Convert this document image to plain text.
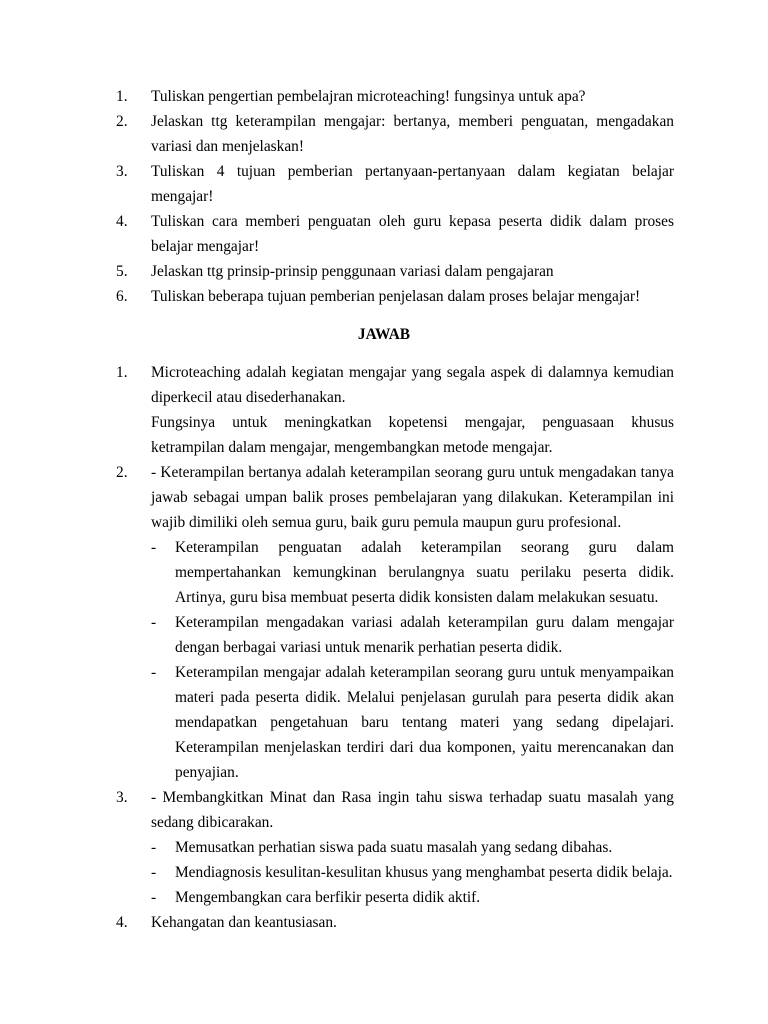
1.	Tuliskan pengertian pembelajran microteaching! fungsinya untuk apa?
2.	Jelaskan ttg keterampilan mengajar: bertanya, memberi penguatan, mengadakan
variasi dan menjelaskan!
3.	Tuliskan 4 tujuan pemberian pertanyaan-pertanyaan dalam kegiatan belajar
mengajar!
4.	Tuliskan cara memberi penguatan oleh guru kepasa peserta didik dalam proses
belajar mengajar!
5.	Jelaskan ttg prinsip-prinsip penggunaan variasi dalam pengajaran
6.	Tuliskan beberapa tujuan pemberian penjelasan dalam proses belajar mengajar!
JAWAB
1.	Microteaching adalah kegiatan mengajar yang segala aspek di dalamnya kemudian
diperkecil atau disederhanakan.
Fungsinya untuk meningkatkan kopetensi mengajar, penguasaan khusus
ketrampilan dalam mengajar, mengembangkan metode mengajar.
2.	- Keterampilan bertanya adalah keterampilan seorang guru untuk mengadakan tanya
jawab sebagai umpan balik proses pembelajaran yang dilakukan. Keterampilan ini
wajib dimiliki oleh semua guru, baik guru pemula maupun guru profesional.
-	Keterampilan penguatan adalah keterampilan seorang guru dalam
mempertahankan kemungkinan berulangnya suatu perilaku peserta didik.
Artinya, guru bisa membuat peserta didik konsisten dalam melakukan sesuatu.
-	Keterampilan mengadakan variasi adalah keterampilan guru dalam mengajar
dengan berbagai variasi untuk menarik perhatian peserta didik.
-	Keterampilan mengajar adalah keterampilan seorang guru untuk menyampaikan
materi pada peserta didik. Melalui penjelasan gurulah para peserta didik akan
mendapatkan pengetahuan baru tentang materi yang sedang dipelajari.
Keterampilan menjelaskan terdiri dari dua komponen, yaitu merencanakan dan
penyajian.
3.	- Membangkitkan Minat dan Rasa ingin tahu siswa terhadap suatu masalah yang
sedang dibicarakan.
-	Memusatkan perhatian siswa pada suatu masalah yang sedang dibahas.
-	Mendiagnosis kesulitan-kesulitan khusus yang menghambat peserta didik belaja.
-	Mengembangkan cara berfikir peserta didik aktif.
4.	Kehangatan dan keantusiasan.
